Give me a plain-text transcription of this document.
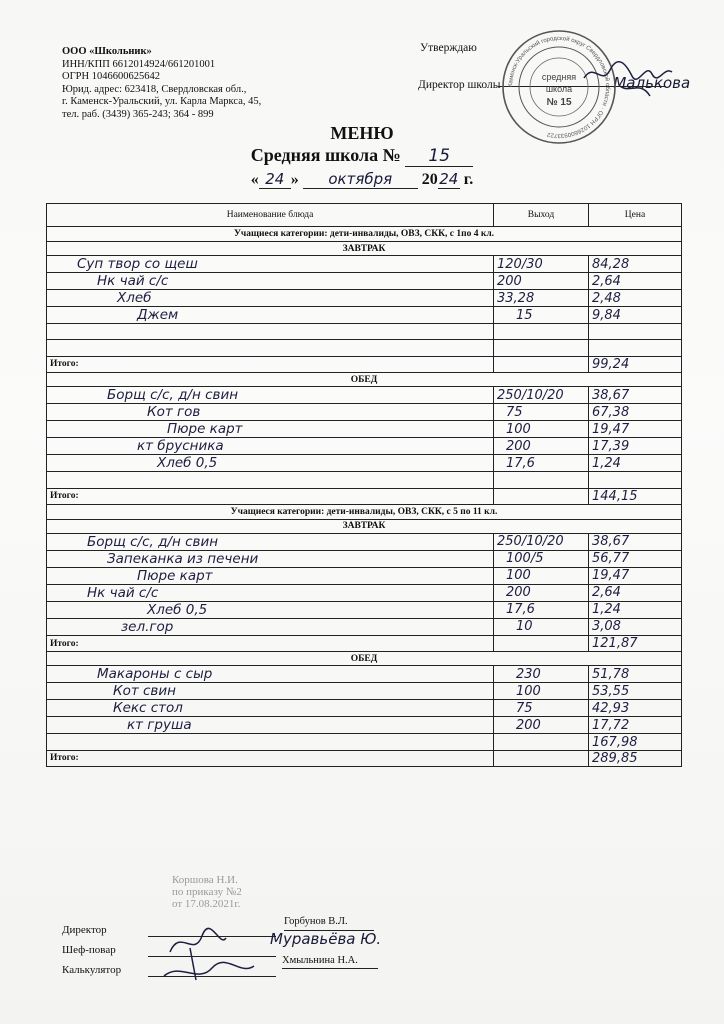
ООО «Школьник»
ИНН/КПП 6612014924/661201001
ОГРН 1046600625642
Юрид. адрес: 623418, Свердловская обл.,
г. Каменск-Уральский, ул. Карла Маркса, 45,
тел. раб. (3439) 365-243; 364 - 899
Утверждаю
Директор школы	Малькова
Каменск-Уральский городской округ Свердловской области · ОГРН 1026600933722
средняя
школа
№ 15
МЕНЮ
Средняя школа № 15
« 24 » октября 2024 г.
Наименование блюда	Выход	Цена
Учащиеся категории: дети-инвалиды, ОВЗ, СКК, с 1по 4 кл.		
ЗАВТРАК		
Суп твор со щеш	120/30	84,28
Нк чай с/с	200	2,64
Хлеб	33,28	2,48
Джем	15	9,84

Итого:		99,24
ОБЕД		
Борщ с/с, д/н свин	250/10/20	38,67
Кот гов	75	67,38
Пюре карт	100	19,47
кт брусника	200	17,39
Хлеб 0,5	17,6	1,24

Итого:		144,15
Учащиеся категории: дети-инвалиды, ОВЗ, СКК, с 5 по 11 кл.		
ЗАВТРАК		
Борщ с/с, д/н свин	250/10/20	38,67
Запеканка из печени	100/5	56,77
Пюре карт	100	19,47
Нк чай с/с	200	2,64
Хлеб 0,5	17,6	1,24
зел.гор	10	3,08
Итого:		121,87
ОБЕД		
Макароны с сыр	230	51,78
Кот свин	100	53,55
Кекс стол	75	42,93
кт груша	200	17,72
		167,98
Итого:		289,85
Коршова Н.И.
по приказу №2
от 17.08.2021г.
Директор
Горбунов В.Л.
Шеф-повар
Муравьёва Ю.
Калькулятор
Хмыльнина Н.А.
